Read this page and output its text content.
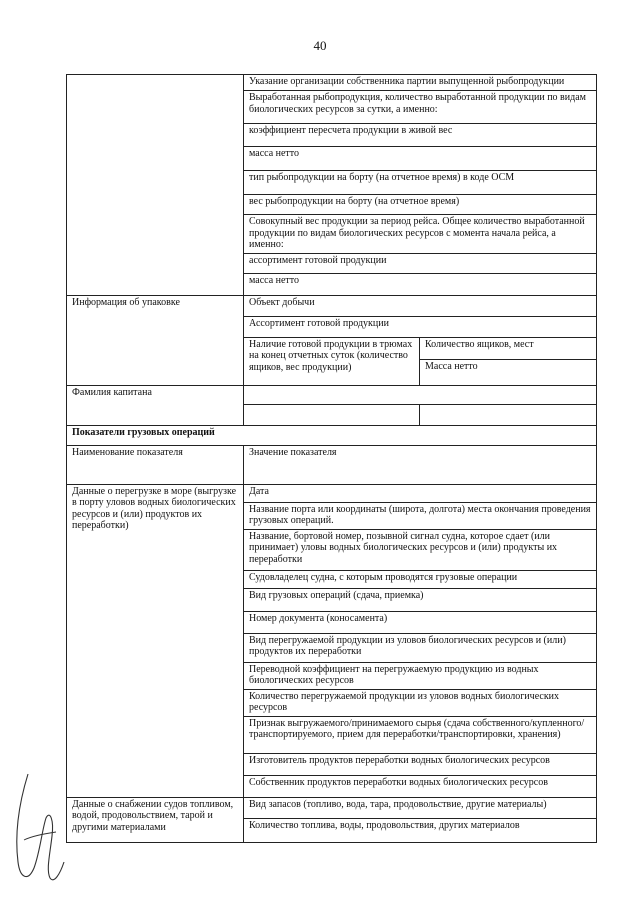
40
	Указание организации собственника партии выпущенной рыбопродукции	
	Выработанная рыбопродукция, количество выработанной продукции по видам биологических ресурсов за сутки, а именно:	
	коэффициент пересчета продукции в живой вес	
	масса нетто	
	тип рыбопродукции на борту (на отчетное время) в коде ОСМ	
	вес рыбопродукции на борту (на отчетное время)	
	Совокупный вес продукции за период рейса. Общее количество выработанной продукции по видам биологических ресурсов с момента начала рейса, а именно:	
	ассортимент готовой продукции	
	масса нетто	
Информация об упаковке	Объект добычи	
	Ассортимент готовой продукции	
	Наличие готовой продукции в трюмах на конец отчетных суток (количество ящиков, вес продукции)	Количество ящиков, мест
		Масса нетто
Фамилия капитана		

Показатели грузовых операций		
Наименование показателя	Значение показателя	
Данные о перегрузке в море (выгрузке в порту уловов водных биологических ресурсов и (или) продуктов их переработки)	Дата	
	Название порта или координаты (широта, долгота) места окончания проведения грузовых операций.	
	Название, бортовой номер, позывной сигнал судна, которое сдает (или принимает) уловы водных биологических ресурсов и (или) продукты их переработки	
	Судовладелец судна, с которым проводятся грузовые операции	
	Вид грузовых операций (сдача, приемка)	
	Номер документа (коносамента)	
	Вид перегружаемой продукции из уловов биологических ресурсов и (или) продуктов их переработки	
	Переводной коэффициент на перегружаемую продукцию из водных биологических ресурсов	
	Количество перегружаемой продукции из уловов водных биологических ресурсов	
	Признак выгружаемого/принимаемого сырья (сдача собственного/купленного/транспортируемого, прием для переработки/транспортировки, хранения)	
	Изготовитель продуктов переработки водных биологических ресурсов	
	Собственник продуктов переработки водных биологических ресурсов	
Данные о снабжении судов топливом, водой, продовольствием, тарой и другими материалами	Вид запасов (топливо, вода, тара, продовольствие, другие материалы)	
	Количество топлива, воды, продовольствия, других материалов	
